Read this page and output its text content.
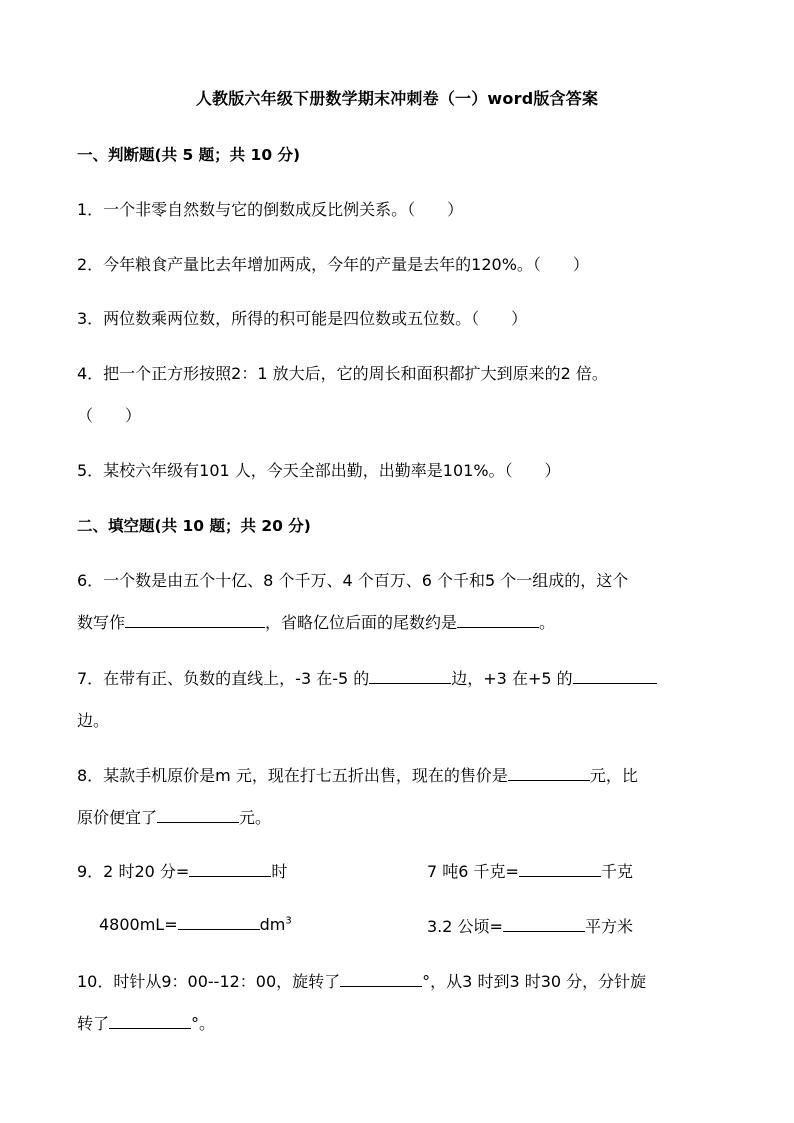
人教版六年级下册数学期末冲刺卷（一）word版含答案
一、判断题(共 5 题；共 10 分)
1．一个非零自然数与它的倒数成反比例关系。（　　）
2．今年粮食产量比去年增加两成，今年的产量是去年的120%。（　　）
3．两位数乘两位数，所得的积可能是四位数或五位数。（　　）
4．把一个正方形按照2：1 放大后，它的周长和面积都扩大到原来的2 倍。
（　　）
5．某校六年级有101 人，今天全部出勤，出勤率是101%。（　　）
二、填空题(共 10 题；共 20 分)
6．一个数是由五个十亿、8 个千万、4 个百万、6 个千和5 个一组成的，这个
数写作	，省略亿位后面的尾数约是	。
7．在带有正、负数的直线上，-3 在-5 的	边，+3 在+5 的
边。
8．某款手机原价是m 元，现在打七五折出售，现在的售价是	元，比
原价便宜了	元。
9．2 时20 分=	时	7 吨6 千克=	千克
4800mL=	$dm^3$	3.2 公顷=	平方米
10．时针从9：00--12：00，旋转了	°，从3 时到3 时30 分，分针旋
转了	°。
